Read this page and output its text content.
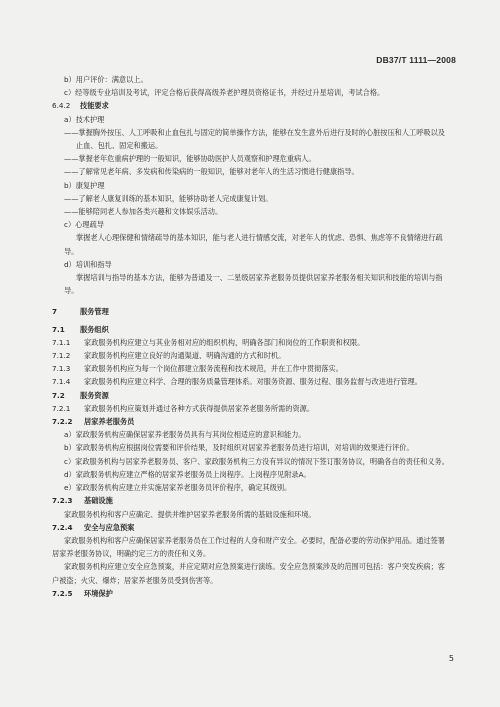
DB37/T 1111—2008
b）用户评价：满意以上。
c）经等级专业培训及考试，评定合格后获得高级养老护理员资格证书，并经过升星培训，考试合格。
6.4.2	技能要求
a）技术护理
——掌握胸外按压、人工呼吸和止血包扎与固定的简单操作方法，能够在发生意外后进行及时的心脏按压和人工呼吸以及止血、包扎、固定和搬运。
——掌握老年危重病护理的一般知识，能够协助医护人员观察和护理危重病人。
——了解常见老年病、多发病和传染病的一般知识，能够对老年人的生活习惯进行健康指导。
b）康复护理
——了解老人康复训练的基本知识，能够协助老人完成康复计划。
——能够陪同老人参加各类兴趣和文体娱乐活动。
c）心理疏导
掌握老人心理保健和情绪疏导的基本知识，能与老人进行情感交流，对老年人的忧虑、恐惧、焦虑等不良情绪进行疏导。
d）培训和指导
掌握培训与指导的基本方法，能够为普通及一、二星级居家养老服务员提供居家养老服务相关知识和技能的培训与指导。
7	服务管理
7.1	服务组织
7.1.1	家政服务机构应建立与其业务相对应的组织机构，明确各部门和岗位的工作职责和权限。
7.1.2	家政服务机构应建立良好的沟通渠道、明确沟通的方式和时机。
7.1.3	家政服务机构应为每一个岗位都建立服务流程和技术规范，并在工作中贯彻落实。
7.1.4	家政服务机构应建立科学、合理的服务质量管理体系。对服务资源、服务过程、服务监督与改进进行管理。
7.2	服务资源
7.2.1	家政服务机构应策划并通过各种方式获得提供居家养老服务所需的资源。
7.2.2	居家养老服务员
a）家政服务机构应确保居家养老服务员具有与其岗位相适应的意识和能力。
b）家政服务机构应根据岗位需要和评价结果，及时组织对居家养老服务员进行培训，对培训的效果进行评价。
c）家政服务机构与居家养老服务员、客户、家政服务机构三方没有异议的情况下签订服务协议，明确各自的责任和义务。
d）家政服务机构应建立严格的居家养老服务员上岗程序。上岗程序见附录A。
e）家政服务机构应建立并实施居家养老服务员评价程序，确定其级别。
7.2.3	基础设施
家政服务机构和客户应确定、提供并维护居家养老服务所需的基础设施和环境。
7.2.4	安全与应急预案
家政服务机构和客户应确保居家养老服务员在工作过程的人身和财产安全。必要时，配备必要的劳动保护用品。通过签署居家养老服务协议，明确约定三方的责任和义务。
家政服务机构应建立安全应急预案，并应定期对应急预案进行演练。安全应急预案涉及的范围可包括：客户突发疾病；客户被盗；火灾、爆炸；居家养老服务员受到伤害等。
7.2.5	环境保护
5
